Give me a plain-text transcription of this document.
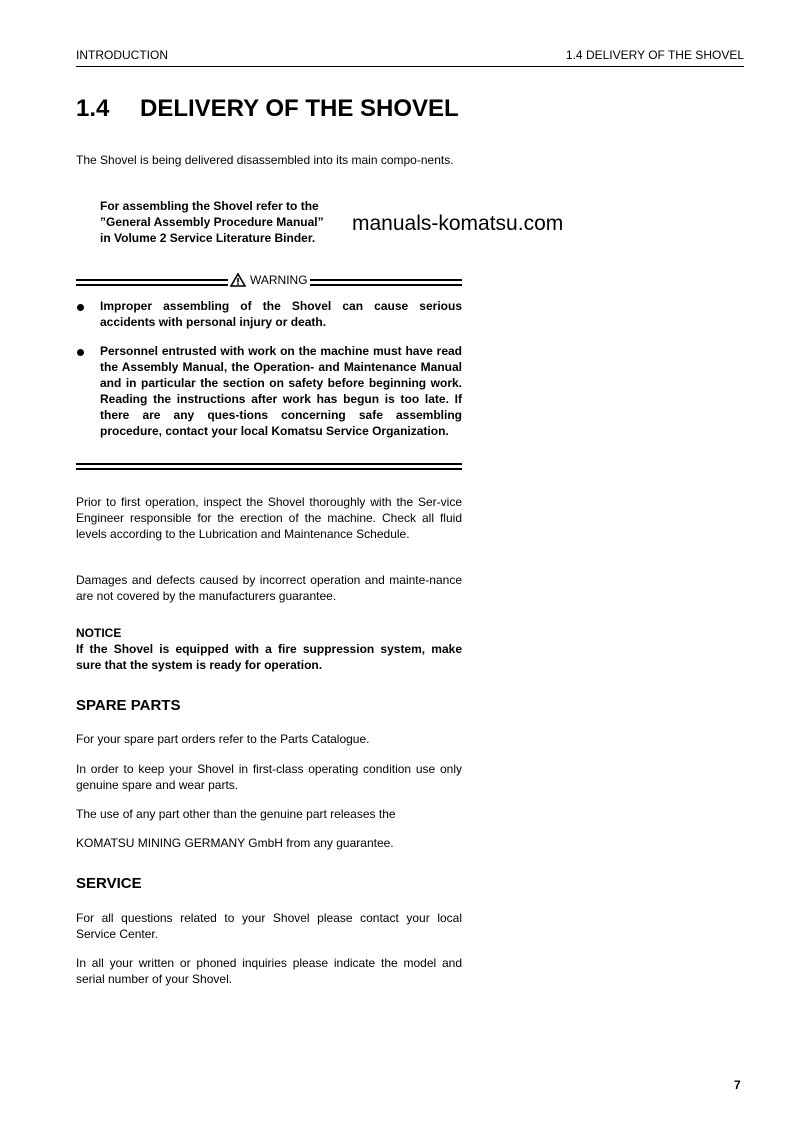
INTRODUCTION	1.4 DELIVERY OF THE SHOVEL
1.4 DELIVERY OF THE SHOVEL

The Shovel is being delivered disassembled into its main compo-nents.

For assembling the Shovel refer to the
”General Assembly Procedure Manual”
in Volume 2 Service Literature Binder.
manuals-komatsu.com
WARNING

Improper assembling of the Shovel can cause serious accidents with personal injury or death.

Personnel entrusted with work on the machine must have read the Assembly Manual, the Operation- and Maintenance Manual and in particular the section on safety before beginning work. Reading the instructions after work has begun is too late. If there are any ques-tions concerning safe assembling procedure, contact your local Komatsu Service Organization.

Prior to first operation, inspect the Shovel thoroughly with the Ser-vice Engineer responsible for the erection of the machine. Check all fluid levels according to the Lubrication and Maintenance Schedule.

Damages and defects caused by incorrect operation and mainte-nance are not covered by the manufacturers guarantee.

NOTICE

If the Shovel is equipped with a fire suppression system, make sure that the system is ready for operation.

SPARE PARTS

For your spare part orders refer to the Parts Catalogue.

In order to keep your Shovel in first-class operating condition use only genuine spare and wear parts.

The use of any part other than the genuine part releases the

KOMATSU MINING GERMANY GmbH from any guarantee.

SERVICE

For all questions related to your Shovel please contact your local Service Center.

In all your written or phoned inquiries please indicate the model and serial number of your Shovel.

7
